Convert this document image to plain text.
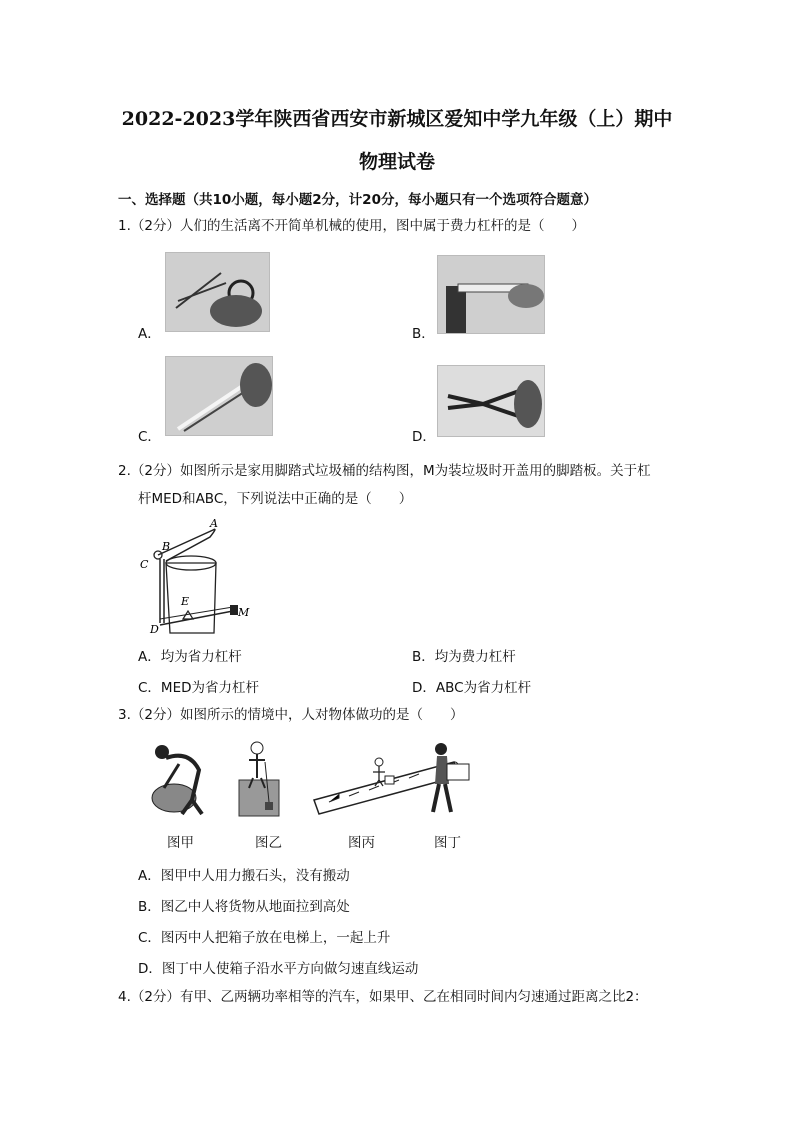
2022-2023学年陕西省西安市新城区爱知中学九年级（上）期中
物理试卷
一、选择题（共10小题，每小题2分，计20分，每小题只有一个选项符合题意）
1.（2分）人们的生活离不开简单机械的使用，图中属于费力杠杆的是（　　）
A．	B．
C．	D．
2.（2分）如图所示是家用脚踏式垃圾桶的结构图，M为装垃圾时开盖用的脚踏板。关于杠
杆MED和ABC，下列说法中正确的是（　　）
A
B
C
E
M
D
A．均为省力杠杆	B．均为费力杠杆
C．MED为省力杠杆	D．ABC为省力杠杆
3.（2分）如图所示的情境中，人对物体做功的是（　　）
图甲	图乙	图丙	图丁
A．图甲中人用力搬石头，没有搬动
B．图乙中人将货物从地面拉到高处
C．图丙中人把箱子放在电梯上，一起上升
D．图丁中人使箱子沿水平方向做匀速直线运动
4.（2分）有甲、乙两辆功率相等的汽车，如果甲、乙在相同时间内匀速通过距离之比2：
